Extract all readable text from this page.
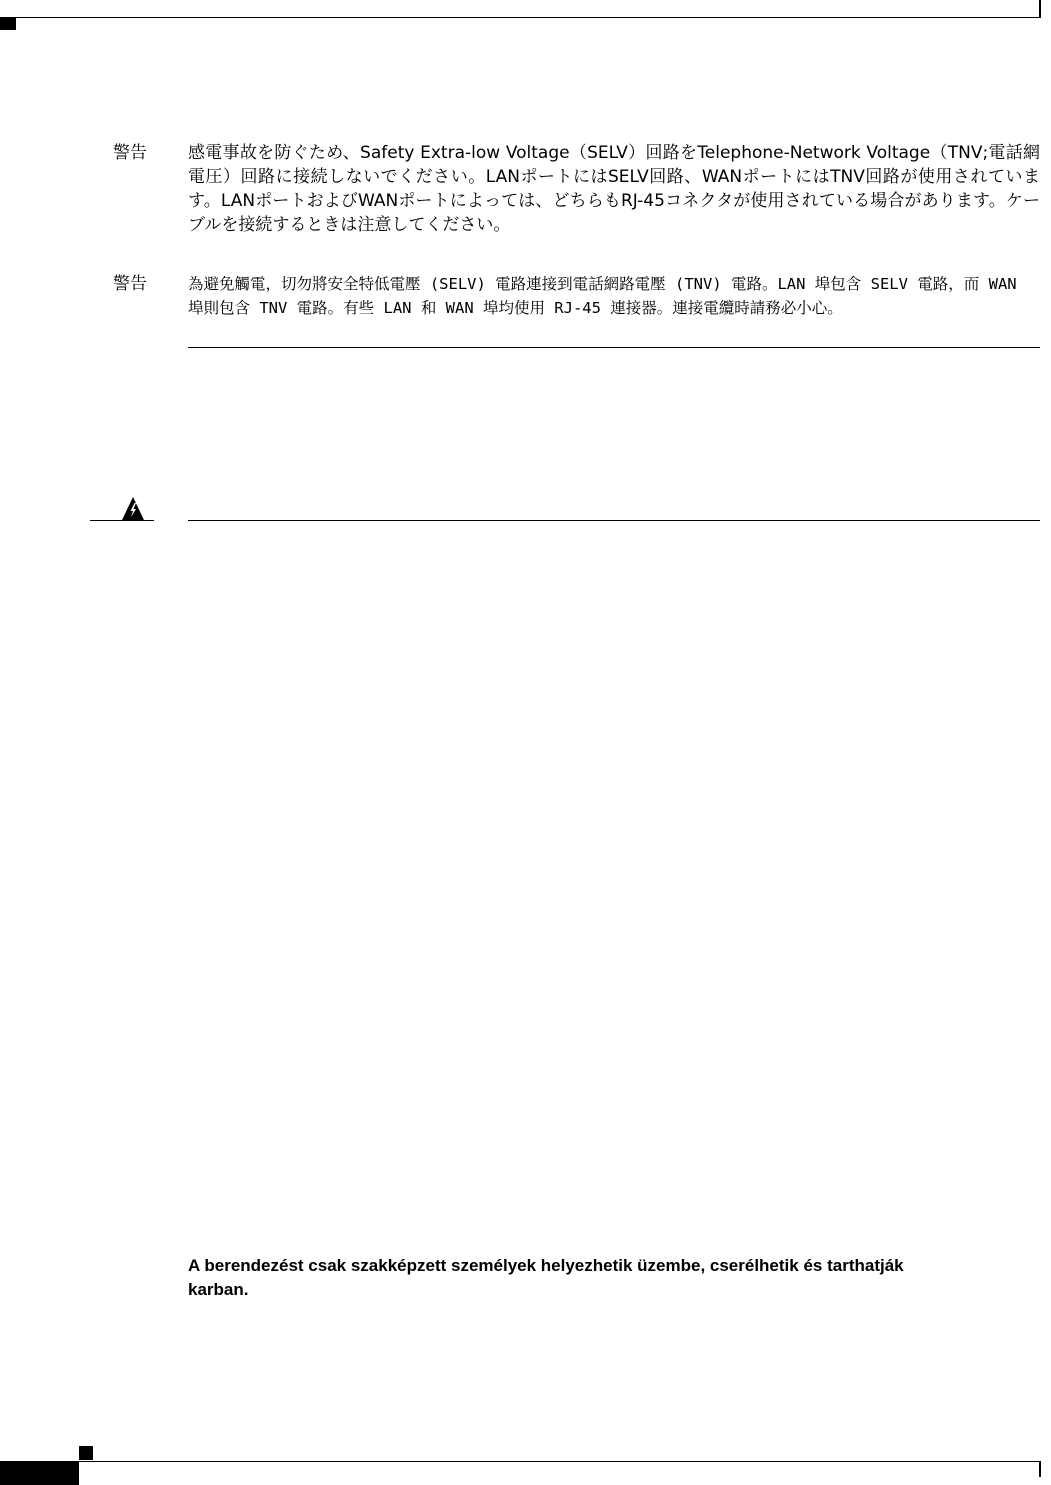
警告 感電事故を防ぐため、Safety Extra-low Voltage（SELV）回路をTelephone-Network Voltage（TNV;電話網電圧）回路に接続しないでください。LANポートにはSELV回路、WANポートにはTNV回路が使用されています。LANポートおよびWANポートによっては、どちらもRJ-45コネクタが使用されている場合があります。ケーブルを接続するときは注意してください。
警告	為避免觸電，切勿將安全特低電壓 (SELV) 電路連接到電話網路電壓 (TNV) 電路。LAN 埠包含 SELV 電路，而 WAN 埠則包含 TNV 電路。有些 LAN 和 WAN 埠均使用 RJ-45 連接器。連接電纜時請務必小心。
A berendezést csak szakképzett személyek helyezhetik üzembe, cserélhetik és tarthatják karban.
